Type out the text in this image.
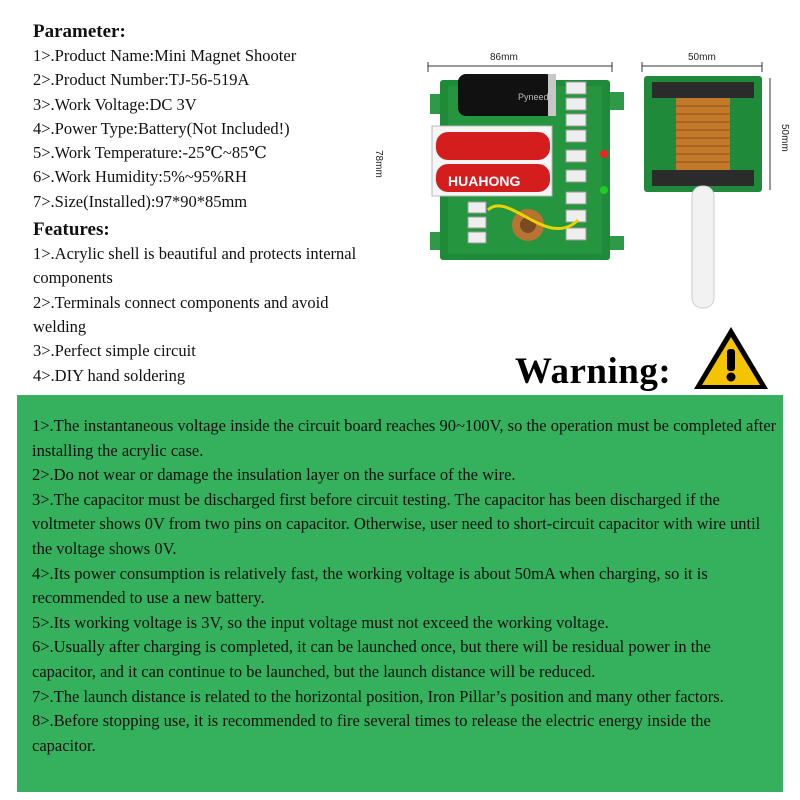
Parameter:

1>.Product Name:Mini Magnet Shooter

2>.Product Number:TJ-56-519A

3>.Work Voltage:DC 3V

4>.Power Type:Battery(Not Included!)

5>.Work Temperature:-25℃~85℃

6>.Work Humidity:5%~95%RH

7>.Size(Installed):97*90*85mm

Features:

1>.Acrylic shell is beautiful and protects internal components

2>.Terminals connect components and avoid welding

3>.Perfect simple circuit

4>.DIY hand soldering

86mm
78mm
50mm
50mm
Pyneedz
HUAHONG
Warning:

1>.The instantaneous voltage inside the circuit board reaches 90~100V, so the operation must be completed after installing the acrylic case.

2>.Do not wear or damage the insulation layer on the surface of the wire.

3>.The capacitor must be discharged first before circuit testing. The capacitor has been discharged if the voltmeter shows 0V from two pins on capacitor. Otherwise, user need to short-circuit capacitor with wire until the voltage shows 0V.

4>.Its power consumption is relatively fast, the working voltage is about 50mA when charging, so it is recommended to use a new battery.

5>.Its working voltage is 3V, so the input voltage must not exceed the working voltage.

6>.Usually after charging is completed, it can be launched once, but there will be residual power in the capacitor, and it can continue to be launched, but the launch distance will be reduced.

7>.The launch distance is related to the horizontal position, Iron Pillar’s position and many other factors.

8>.Before stopping use, it is recommended to fire several times to release the electric energy inside the capacitor.
